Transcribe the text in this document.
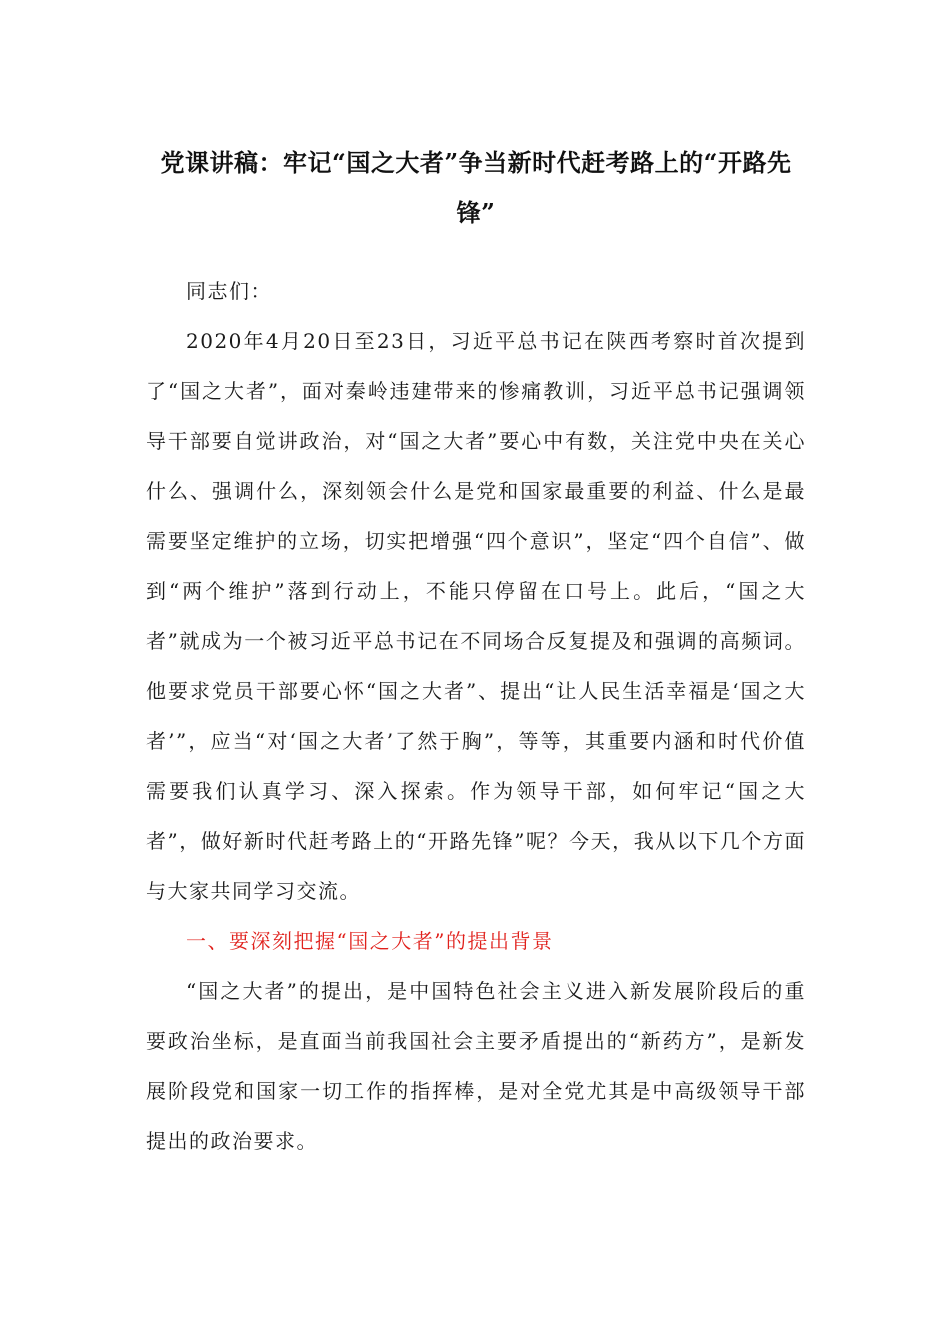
党课讲稿：牢记“国之大者”争当新时代赶考路上的“开路先锋”

同志们：

2020年4月20日至23日，习近平总书记在陕西考察时首次提到了“国之大者”，面对秦岭违建带来的惨痛教训，习近平总书记强调领导干部要自觉讲政治，对“国之大者”要心中有数，关注党中央在关心什么、强调什么，深刻领会什么是党和国家最重要的利益、什么是最需要坚定维护的立场，切实把增强“四个意识”，坚定“四个自信”、做到“两个维护”落到行动上，不能只停留在口号上。此后，“国之大者”就成为一个被习近平总书记在不同场合反复提及和强调的高频词。他要求党员干部要心怀“国之大者”、提出“让人民生活幸福是‘国之大者’”，应当“对‘国之大者’了然于胸”，等等，其重要内涵和时代价值需要我们认真学习、深入探索。作为领导干部，如何牢记“国之大者”，做好新时代赶考路上的“开路先锋”呢？今天，我从以下几个方面与大家共同学习交流。

一、要深刻把握“国之大者”的提出背景

“国之大者”的提出，是中国特色社会主义进入新发展阶段后的重要政治坐标，是直面当前我国社会主要矛盾提出的“新药方”，是新发展阶段党和国家一切工作的指挥棒，是对全党尤其是中高级领导干部提出的政治要求。
